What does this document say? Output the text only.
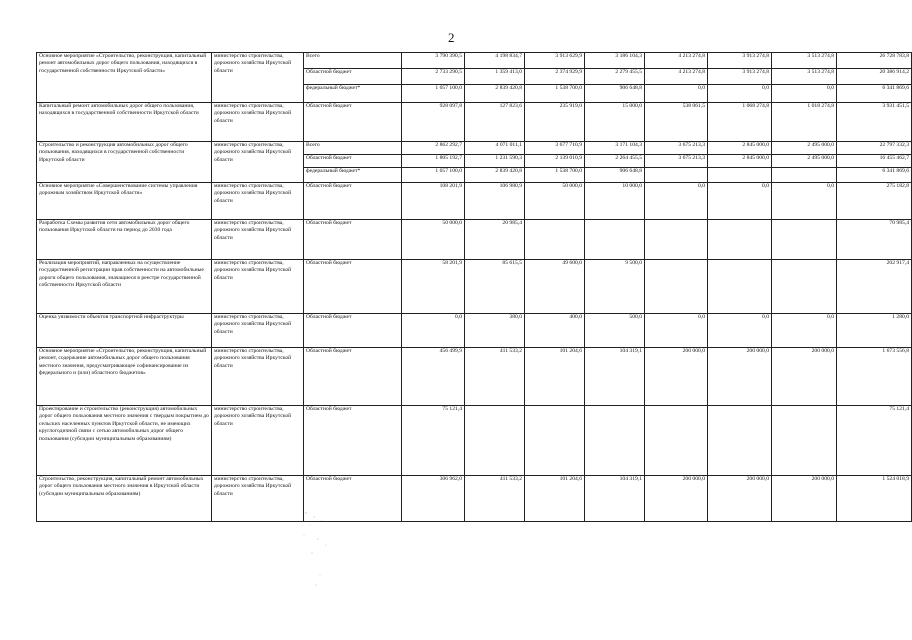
2
Основное мероприятие «Строительство, реконструкция, капитальный ремонт автомобильных дорог общего пользования, находящихся в государственной собственности Иркутской области»	министерство строительства, дорожного хозяйства Иркутской области	Всего	3 790 390,5	4 198 834,7	3 913 629,9	3 186 104,3	4 213 274,8	3 913 274,8	3 513 274,8	26 728 783,8
		Областной бюджет	2 733 290,5	1 359 413,0	2 374 929,9	2 279 455,5	4 213 274,8	3 913 274,8	3 513 274,8	20 386 914,2
		федеральный бюджет*	1 057 100,0	2 839 420,8	1 538 700,0	906 648,8	0,0	0,0	0,0	6 341 869,6
Капитальный ремонт автомобильных дорог общего пользования, находящихся в государственной собственности Иркутской области	министерство строительства, дорожного хозяйства Иркутской области	Областной бюджет	928 097,8	127 823,6	235 919,0	15 000,0	538 061,5	1 068 274,8	1 018 274,8	3 931 451,5
Строительство и реконструкция автомобильных дорог общего пользования, находящихся в государственной собственности Иркутской области	министерство строительства, дорожного хозяйства Иркутской области	Всего	2 862 292,7	4 071 011,1	3 677 710,9	3 171 104,3	3 675 213,3	2 845 000,0	2 495 000,0	22 797 332,3
		Областной бюджет	1 805 192,7	1 231 590,3	2 139 010,9	2 264 455,5	3 675 213,3	2 845 000,0	2 495 000,0	16 455 462,7
		федеральный бюджет*	1 057 100,0	2 839 420,8	1 538 700,0	906 648,8				6 341 869,6
Основное мероприятие «Совершенствование системы управления дорожным хозяйством Иркутской области»	министерство строительства, дорожного хозяйства Иркутской области	Областной бюджет	108 201,9	106 980,9	50 000,0	10 000,0	0,0	0,0	0,0	275 182,8
Разработка Схемы развития сети автомобильных дорог общего пользования Иркутской области на период до 2030 года	министерство строительства, дорожного хозяйства Иркутской области	Областной бюджет	50 000,0	20 985,4						70 985,4
Реализация мероприятий, направленных на осуществление государственной регистрации прав собственности на автомобильные дороги общего пользования, значащиеся в реестре государственной собственности Иркутской области	министерство строительства, дорожного хозяйства Иркутской области	Областной бюджет	58 201,9	85 615,5	49 600,0	9 500,0				202 917,4
Оценка уязвимости объектов транспортной инфраструктуры	министерство строительства, дорожного хозяйства Иркутской области	Областной бюджет	0,0	380,0	400,0	500,0	0,0	0,0	0,0	1 280,0
Основное мероприятие «Строительство, реконструкция, капитальный ремонт, содержание автомобильных дорог общего пользования местного значения, предусматривающее софинансирование из федерального и (или) областного бюджетов»	министерство строительства, дорожного хозяйства Иркутской области	Областной бюджет	456 499,9	411 533,2	101 204,6	104 319,1	200 000,0	200 000,0	200 000,0	1 673 556,8
Проектирование и строительство (реконструкция) автомобильных дорог общего пользования местного значения с твердым покрытием до сельских населенных пунктов Иркутской области, не имеющих круглогодичной связи с сетью автомобильных дорог общего пользования (субсидии муниципальным образованиям)	министерство строительства, дорожного хозяйства Иркутской области	Областной бюджет	75 121,4							75 121,4
Строительство, реконструкция, капитальный ремонт автомобильных дорог общего пользования местного значения в Иркутской области (субсидии муниципальным образованиям)	министерство строительства, дорожного хозяйства Иркутской области	Областной бюджет	306 962,0	411 533,2	101 204,6	104 319,1	200 000,0	200 000,0	200 000,0	1 524 018,9
